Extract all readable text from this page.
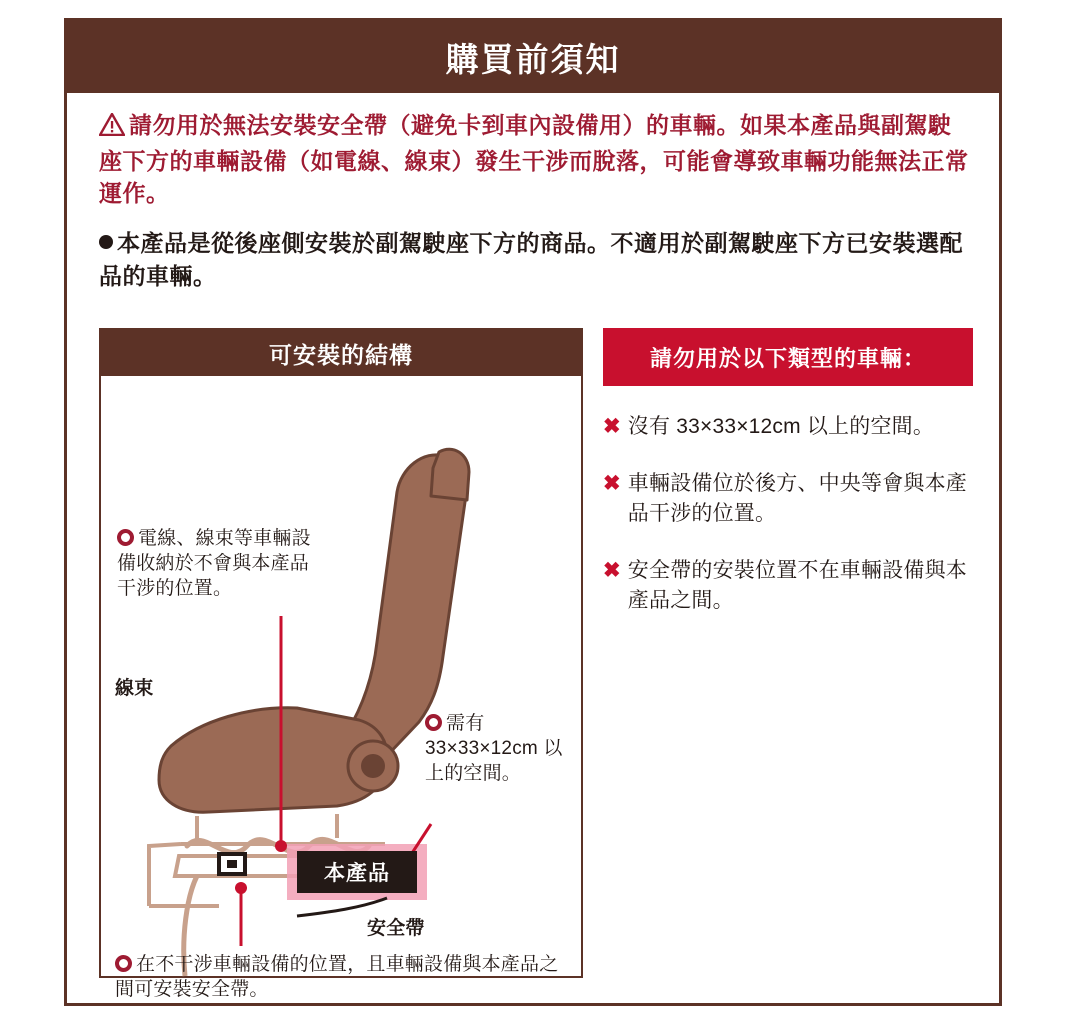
購買前須知
請勿用於無法安裝安全帶（避免卡到車內設備用）的車輛。如果本產品與副駕駛座下方的車輛設備（如電線、線束）發生干涉而脫落，可能會導致車輛功能無法正常運作。
本產品是從後座側安裝於副駕駛座下方的商品。不適用於副駕駛座下方已安裝選配品的車輛。
可安裝的結構
本產品
電線、線束等車輛設備收納於不會與本產品干涉的位置。
線束
需有 33×33×12cm 以上的空間。
安全帶
在不干涉車輛設備的位置，且車輛設備與本產品之間可安裝安全帶。
請勿用於以下類型的車輛：
✖ 沒有 33×33×12cm 以上的空間。
✖ 車輛設備位於後方、中央等會與本產品干涉的位置。
✖ 安全帶的安裝位置不在車輛設備與本產品之間。
